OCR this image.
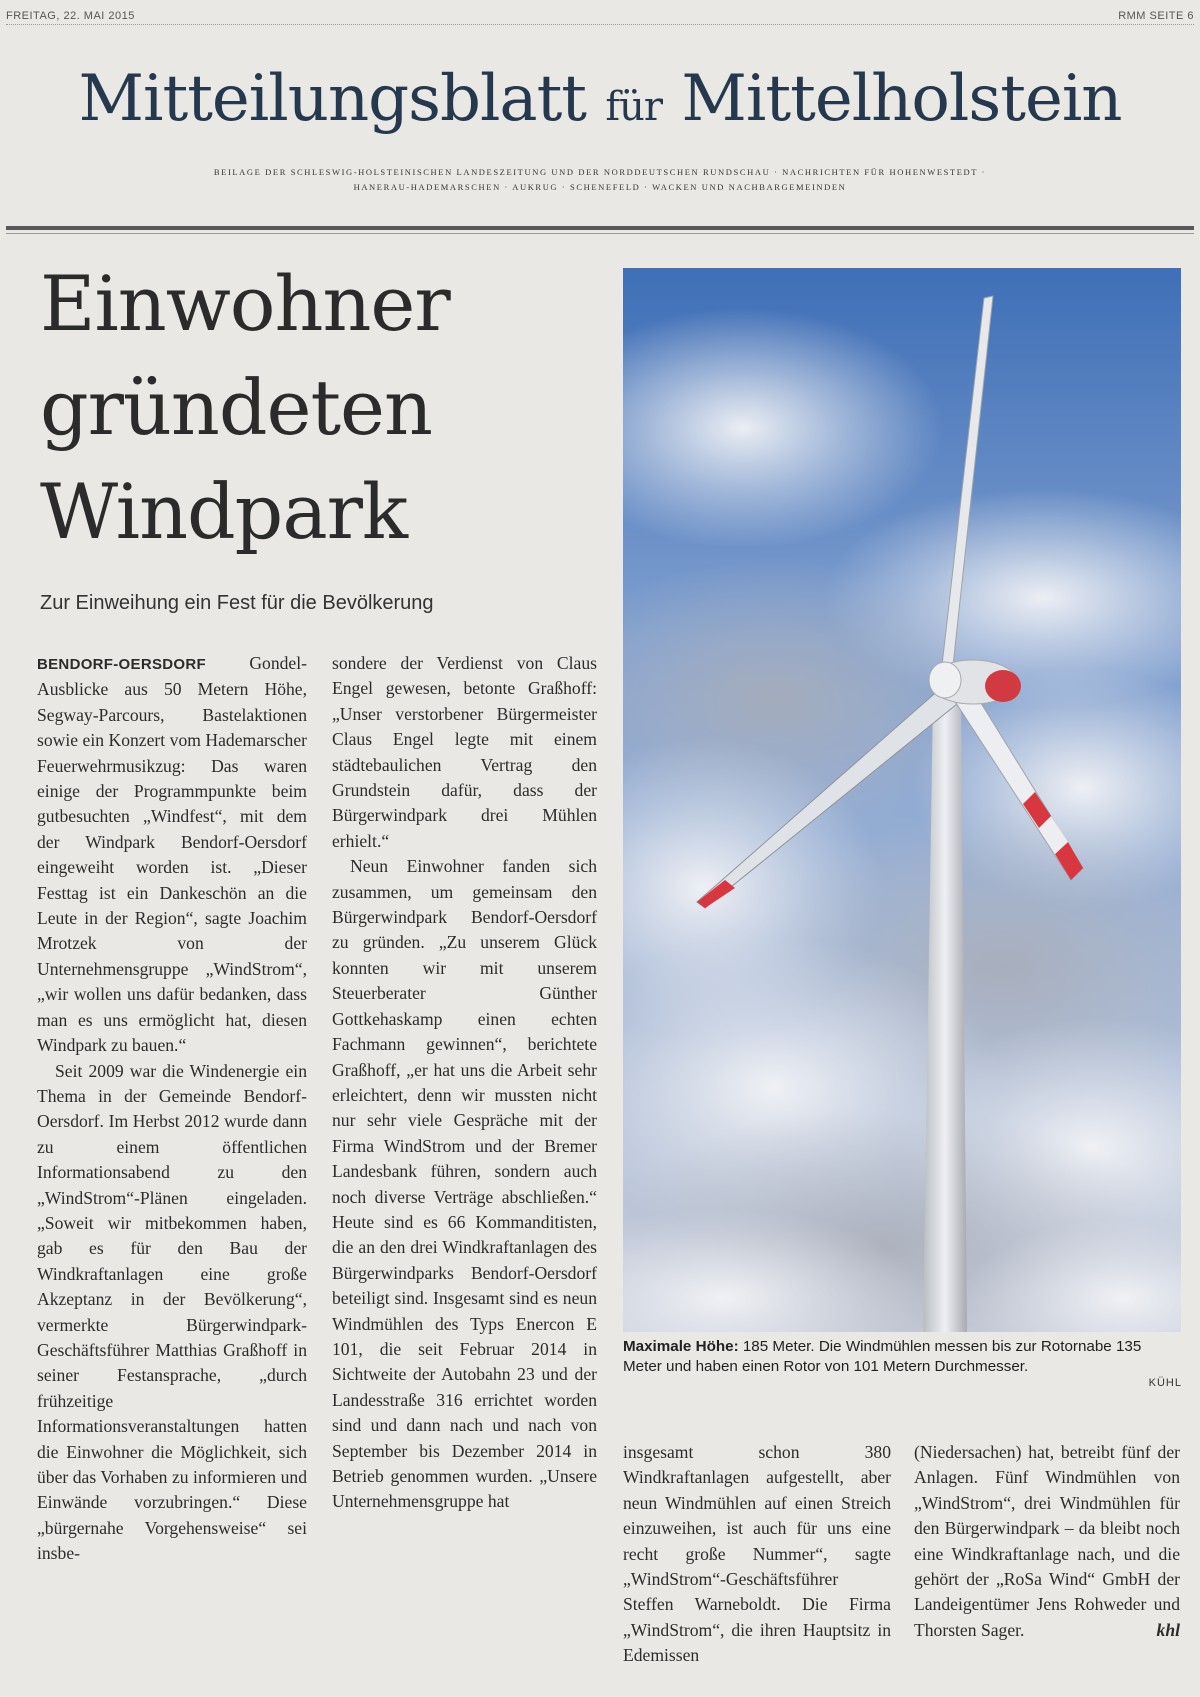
FREITAG, 22. MAI 2015	RMM SEITE 6
Mitteilungsblatt für Mittelholstein
BEILAGE DER SCHLESWIG-HOLSTEINISCHEN LANDESZEITUNG UND DER NORDDEUTSCHEN RUNDSCHAU · NACHRICHTEN FÜR HOHENWESTEDT ·
HANERAU-HADEMARSCHEN · AUKRUG · SCHENEFELD · WACKEN UND NACHBARGEMEINDEN
Einwohner
gründeten
Windpark
Zur Einweihung ein Fest für die Bevölkerung

BENDORF-OERSDORF Gondel-Ausblicke aus 50 Metern Höhe, Segway-Parcours, Bastelaktionen sowie ein Konzert vom Hademarscher Feuerwehrmusikzug: Das waren einige der Programmpunkte beim gutbesuchten „Windfest“, mit dem der Windpark Bendorf-Oersdorf eingeweiht worden ist. „Dieser Festtag ist ein Dankeschön an die Leute in der Region“, sagte Joachim Mrotzek von der Unternehmensgruppe „WindStrom“, „wir wollen uns dafür bedanken, dass man es uns ermöglicht hat, diesen Windpark zu bauen.“

Seit 2009 war die Windenergie ein Thema in der Gemeinde Bendorf-Oersdorf. Im Herbst 2012 wurde dann zu einem öffentlichen Informationsabend zu den „WindStrom“-Plänen eingeladen. „Soweit wir mitbekommen haben, gab es für den Bau der Windkraftanlagen eine große Akzeptanz in der Bevölkerung“, vermerkte Bürgerwindpark-Geschäftsführer Matthias Graßhoff in seiner Festansprache, „durch frühzeitige Informationsveranstaltungen hatten die Einwohner die Möglichkeit, sich über das Vorhaben zu informieren und Einwände vorzubringen.“ Diese „bürgernahe Vorgehensweise“ sei insbe-

sondere der Verdienst von Claus Engel gewesen, betonte Graßhoff: „Unser verstorbener Bürgermeister Claus Engel legte mit einem städtebaulichen Vertrag den Grundstein dafür, dass der Bürgerwindpark drei Mühlen erhielt.“

Neun Einwohner fanden sich zusammen, um gemeinsam den Bürgerwindpark Bendorf-Oersdorf zu gründen. „Zu unserem Glück konnten wir mit unserem Steuerberater Günther Gottkehaskamp einen echten Fachmann gewinnen“, berichtete Graßhoff, „er hat uns die Arbeit sehr erleichtert, denn wir mussten nicht nur sehr viele Gespräche mit der Firma WindStrom und der Bremer Landesbank führen, sondern auch noch diverse Verträge abschließen.“ Heute sind es 66 Kommanditisten, die an den drei Windkraftanlagen des Bürgerwindparks Bendorf-Oersdorf beteiligt sind. Insgesamt sind es neun Windmühlen des Typs Enercon E 101, die seit Februar 2014 in Sichtweite der Autobahn 23 und der Landesstraße 316 errichtet worden sind und dann nach und nach von September bis Dezember 2014 in Betrieb genommen wurden. „Unsere Unternehmensgruppe hat

Maximale Höhe: 185 Meter. Die Windmühlen messen bis zur Rotornabe 135 Meter und haben einen Rotor von 101 Metern Durchmesser.
KÜHL

insgesamt schon 380 Windkraftanlagen aufgestellt, aber neun Windmühlen auf einen Streich einzuweihen, ist auch für uns eine recht große Nummer“, sagte „WindStrom“-Geschäftsführer Steffen Warneboldt. Die Firma „WindStrom“, die ihren Hauptsitz in Edemissen

(Niedersachen) hat, betreibt fünf der Anlagen. Fünf Windmühlen von „WindStrom“, drei Windmühlen für den Bürgerwindpark – da bleibt noch eine Windkraftanlage nach, und die gehört der „RoSa Wind“ GmbH der Landeigentümer Jens Rohweder und Thorsten Sager.	khl
